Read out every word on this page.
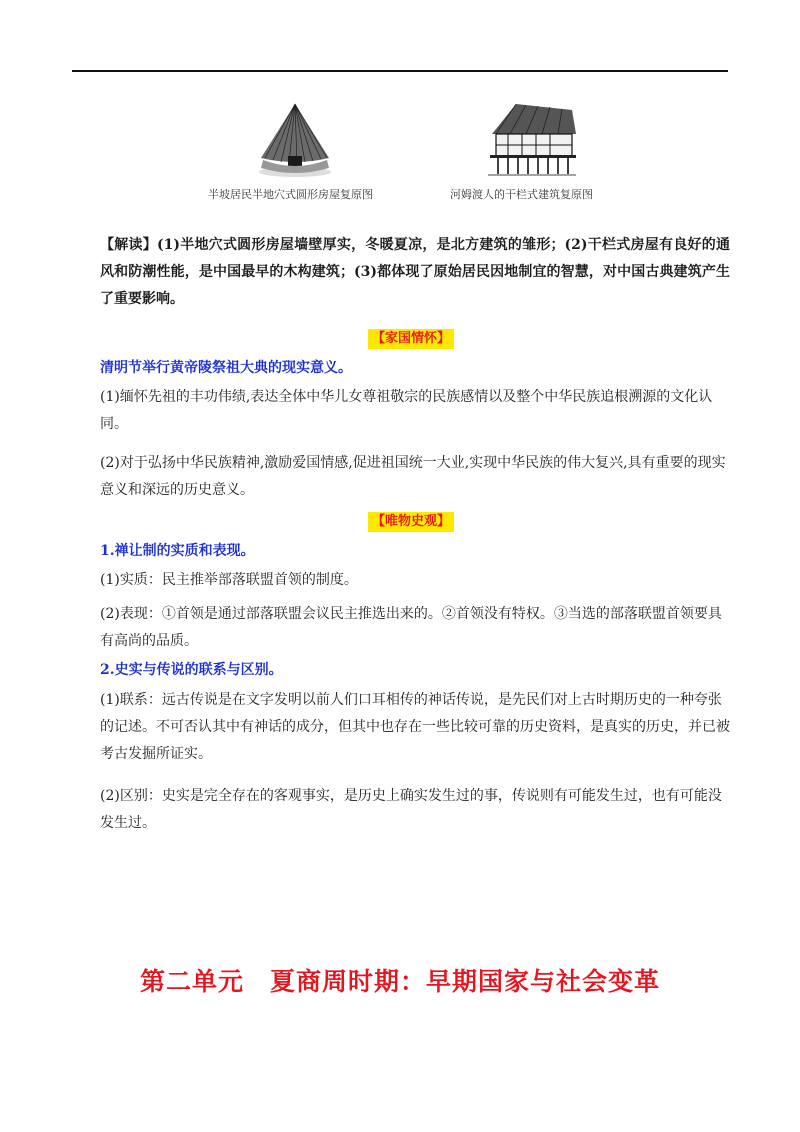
半坡居民半地穴式圆形房屋复原图	河姆渡人的干栏式建筑复原图
【解读】(1)半地穴式圆形房屋墙壁厚实，冬暖夏凉，是北方建筑的雏形；(2)干栏式房屋有良好的通风和防潮性能，是中国最早的木构建筑；(3)都体现了原始居民因地制宜的智慧，对中国古典建筑产生了重要影响。
【家国情怀】
清明节举行黄帝陵祭祖大典的现实意义。
(1)缅怀先祖的丰功伟绩,表达全体中华儿女尊祖敬宗的民族感情以及整个中华民族追根溯源的文化认同。
(2)对于弘扬中华民族精神,激励爱国情感,促进祖国统一大业,实现中华民族的伟大复兴,具有重要的现实意义和深远的历史意义。
【唯物史观】
1.禅让制的实质和表现。
(1)实质：民主推举部落联盟首领的制度。
(2)表现：①首领是通过部落联盟会议民主推选出来的。②首领没有特权。③当选的部落联盟首领要具有高尚的品质。
2.史实与传说的联系与区别。
(1)联系：远古传说是在文字发明以前人们口耳相传的神话传说，是先民们对上古时期历史的一种夸张的记述。不可否认其中有神话的成分，但其中也存在一些比较可靠的历史资料，是真实的历史，并已被考古发掘所证实。
(2)区别：史实是完全存在的客观事实，是历史上确实发生过的事，传说则有可能发生过，也有可能没发生过。
第二单元　夏商周时期：早期国家与社会变革
